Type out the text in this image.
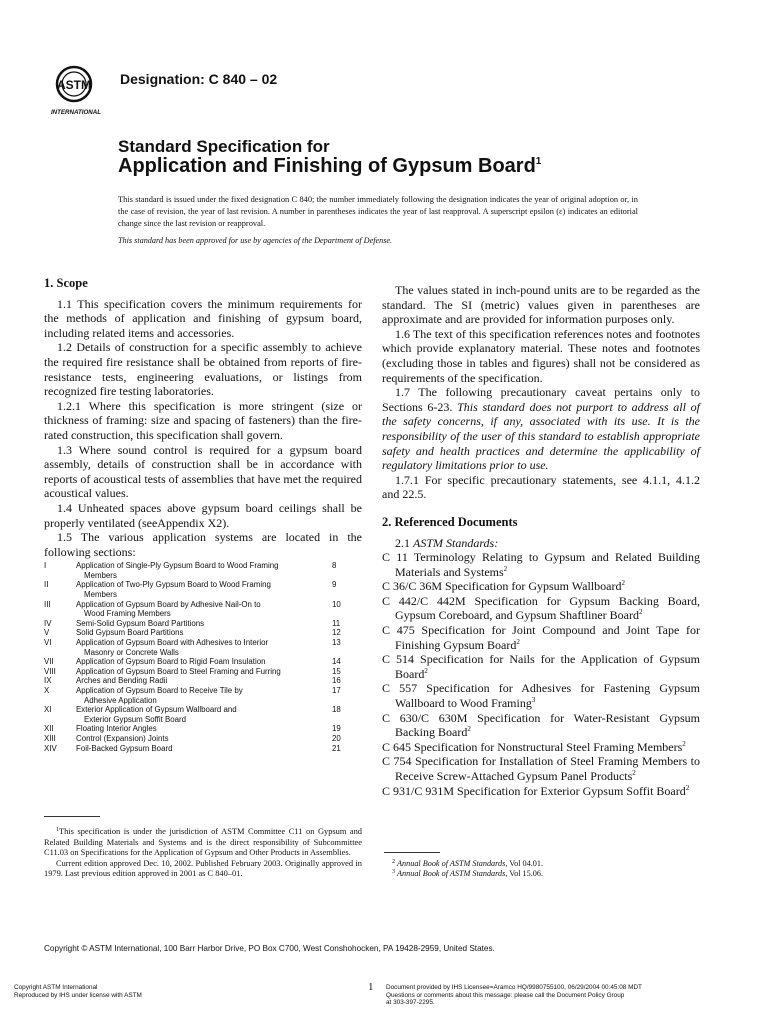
ASTM
INTERNATIONAL
Designation: C 840 – 02
Standard Specification for
Application and Finishing of Gypsum Board$^1$
This standard is issued under the fixed designation C 840; the number immediately following the designation indicates the year of original adoption or, in the case of revision, the year of last revision. A number in parentheses indicates the year of last reapproval. A superscript epsilon (ε) indicates an editorial change since the last revision or reapproval.
This standard has been approved for use by agencies of the Department of Defense.
1. Scope

1.1 This specification covers the minimum requirements for the methods of application and finishing of gypsum board, including related items and accessories.

1.2 Details of construction for a specific assembly to achieve the required fire resistance shall be obtained from reports of fire-resistance tests, engineering evaluations, or listings from recognized fire testing laboratories.

1.2.1 Where this specification is more stringent (size or thickness of framing: size and spacing of fasteners) than the fire-rated construction, this specification shall govern.

1.3 Where sound control is required for a gypsum board assembly, details of construction shall be in accordance with reports of acoustical tests of assemblies that have met the required acoustical values.

1.4 Unheated spaces above gypsum board ceilings shall be properly ventilated (seeAppendix X2).

1.5 The various application systems are located in the following sections:

I	Application of Single-Ply Gypsum Board to Wood Framing
Members	8
II	Application of Two-Ply Gypsum Board to Wood Framing
Members	9
III	Application of Gypsum Board by Adhesive Nail-On to
Wood Framing Members	10
IV	Semi-Solid Gypsum Board Partitions	11
V	Solid Gypsum Board Partitions	12
VI	Application of Gypsum Board with Adhesives to Interior
Masonry or Concrete Walls	13
VII	Application of Gypsum Board to Rigid Foam Insulation	14
VIII	Application of Gypsum Board to Steel Framing and Furring	15
IX	Arches and Bending Radii	16
X	Application of Gypsum Board to Receive Tile by
Adhesive Application	17
XI	Exterior Application of Gypsum Wallboard and
Exterior Gypsum Soffit Board	18
XII	Floating Interior Angles	19
XIII	Control (Expansion) Joints	20
XIV	Foil-Backed Gypsum Board	21

$^1$This specification is under the jurisdiction of ASTM Committee C11 on Gypsum and Related Building Materials and Systems and is the direct responsibility of Subcommittee C11.03 on Specifications for the Application of Gypsum and Other Products in Assemblies.

Current edition approved Dec. 10, 2002. Published February 2003. Originally approved in 1979. Last previous edition approved in 2001 as C 840–01.

The values stated in inch-pound units are to be regarded as the standard. The SI (metric) values given in parentheses are approximate and are provided for information purposes only.

1.6 The text of this specification references notes and footnotes which provide explanatory material. These notes and footnotes (excluding those in tables and figures) shall not be considered as requirements of the specification.

1.7 The following precautionary caveat pertains only to Sections 6-23. This standard does not purport to address all of the safety concerns, if any, associated with its use. It is the responsibility of the user of this standard to establish appropriate safety and health practices and determine the applicability of regulatory limitations prior to use.

1.7.1 For specific precautionary statements, see 4.1.1, 4.1.2 and 22.5.

2. Referenced Documents

2.1 ASTM Standards:

C 11 Terminology Relating to Gypsum and Related Building Materials and Systems$^2$

C 36/C 36M Specification for Gypsum Wallboard$^2$

C 442/C 442M Specification for Gypsum Backing Board, Gypsum Coreboard, and Gypsum Shaftliner Board$^2$

C 475 Specification for Joint Compound and Joint Tape for Finishing Gypsum Board$^2$

C 514 Specification for Nails for the Application of Gypsum Board$^2$

C 557 Specification for Adhesives for Fastening Gypsum Wallboard to Wood Framing$^3$

C 630/C 630M Specification for Water-Resistant Gypsum Backing Board$^2$

C 645 Specification for Nonstructural Steel Framing Members$^2$

C 754 Specification for Installation of Steel Framing Members to Receive Screw-Attached Gypsum Panel Products$^2$

C 931/C 931M Specification for Exterior Gypsum Soffit Board$^2$

$^2$ Annual Book of ASTM Standards, Vol 04.01.

$^3$ Annual Book of ASTM Standards, Vol 15.06.

Copyright © ASTM International, 100 Barr Harbor Drive, PO Box C700, West Conshohocken, PA 19428-2959, United States.
Copyright ASTM International
Reproduced by IHS under license with ASTM
1 Document provided by IHS Licensee=Aramco HQ/9980755100, 06/29/2004 00:45:08 MDT
Questions or comments about this message: please call the Document Policy Group
at 303-397-2295.
